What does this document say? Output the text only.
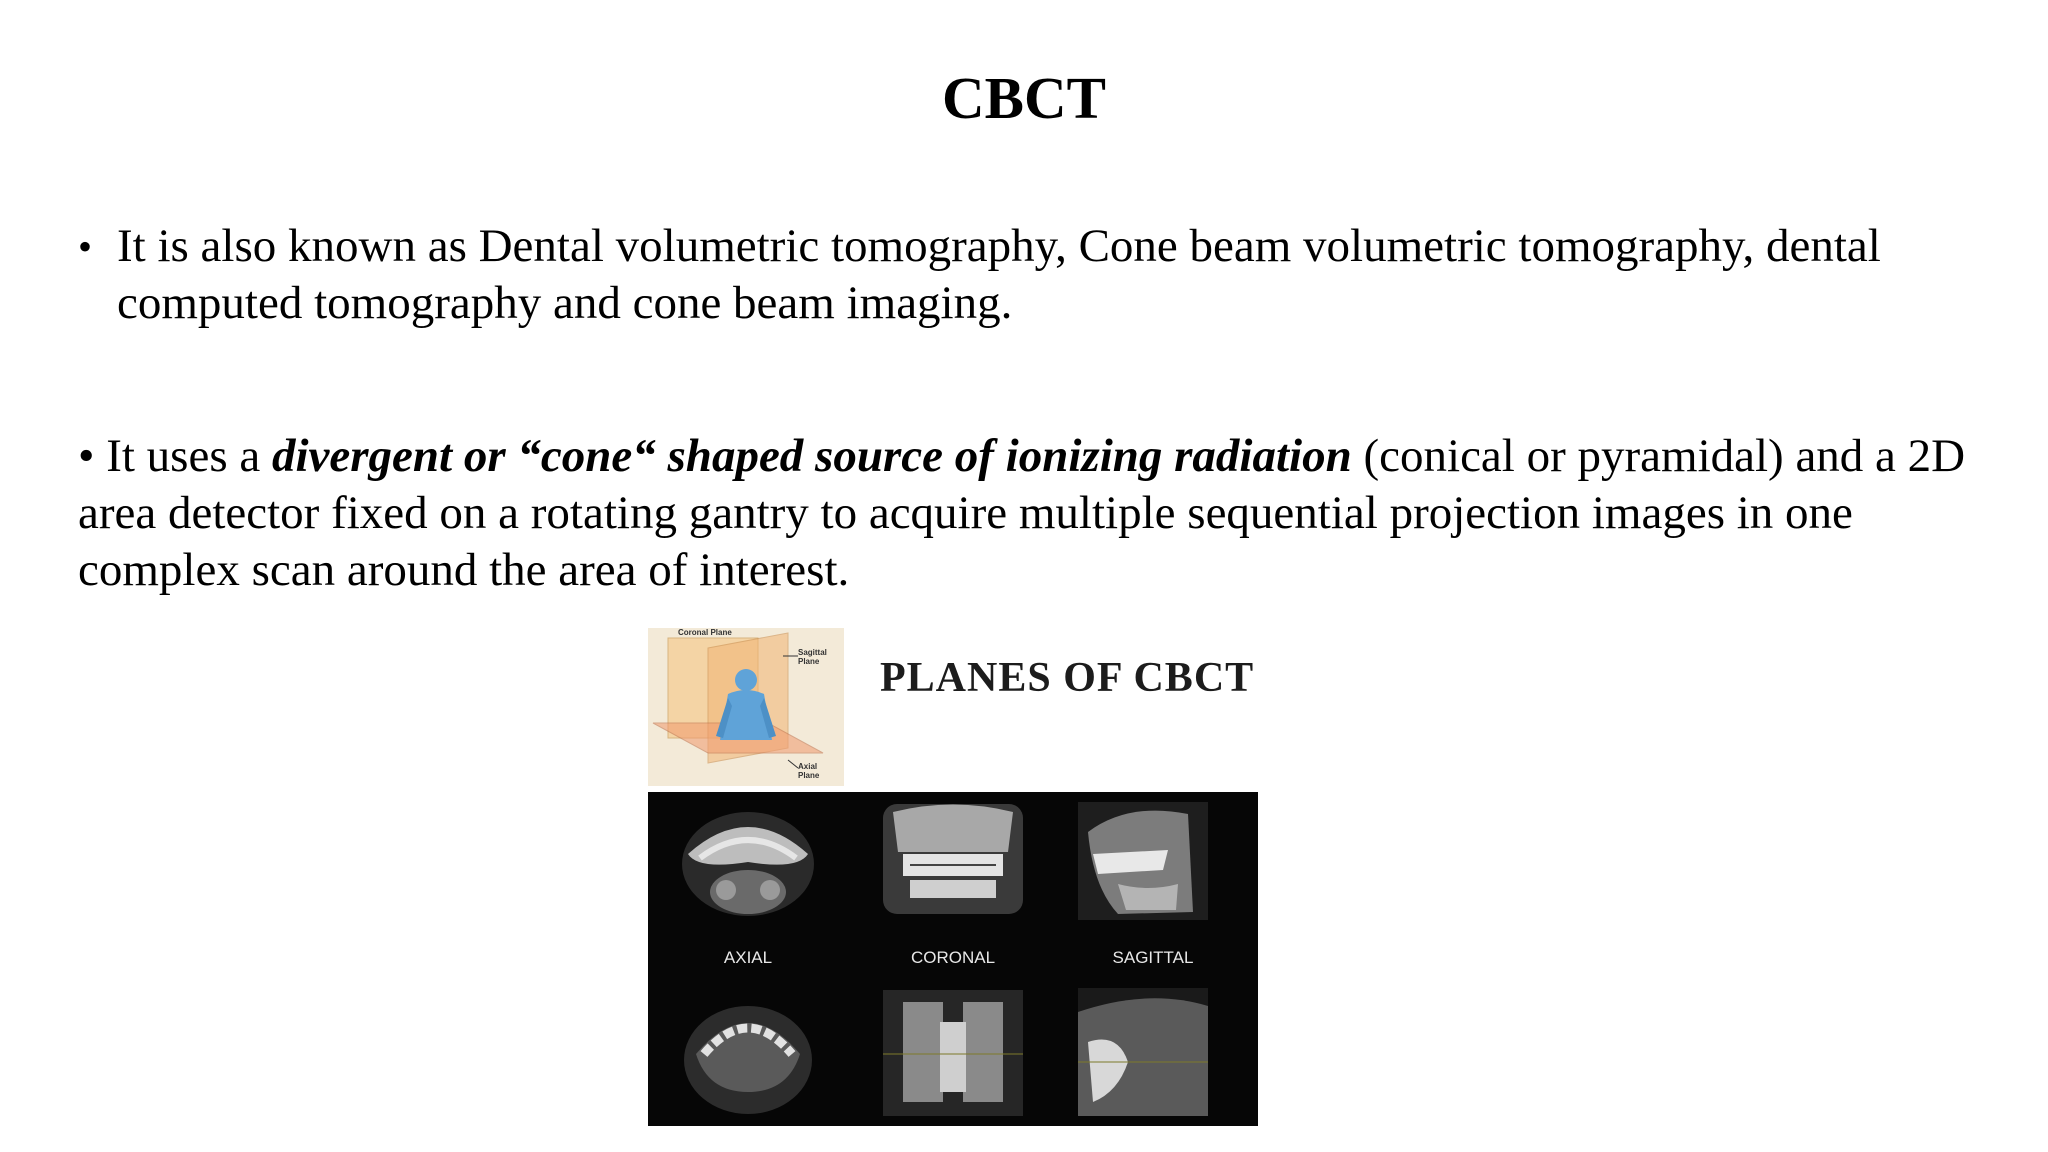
CBCT
• It is also known as Dental volumetric tomography, Cone beam volumetric tomography, dental computed tomography and cone beam imaging.
• It uses a divergent or “cone“ shaped source of ionizing radiation (conical or pyramidal) and a 2D area detector fixed on a rotating gantry to acquire multiple sequential projection images in one complex scan around the area of interest.
Coronal Plane
Sagittal Plane
Axial Plane
PLANES OF CBCT
AXIAL	CORONAL	SAGITTAL
